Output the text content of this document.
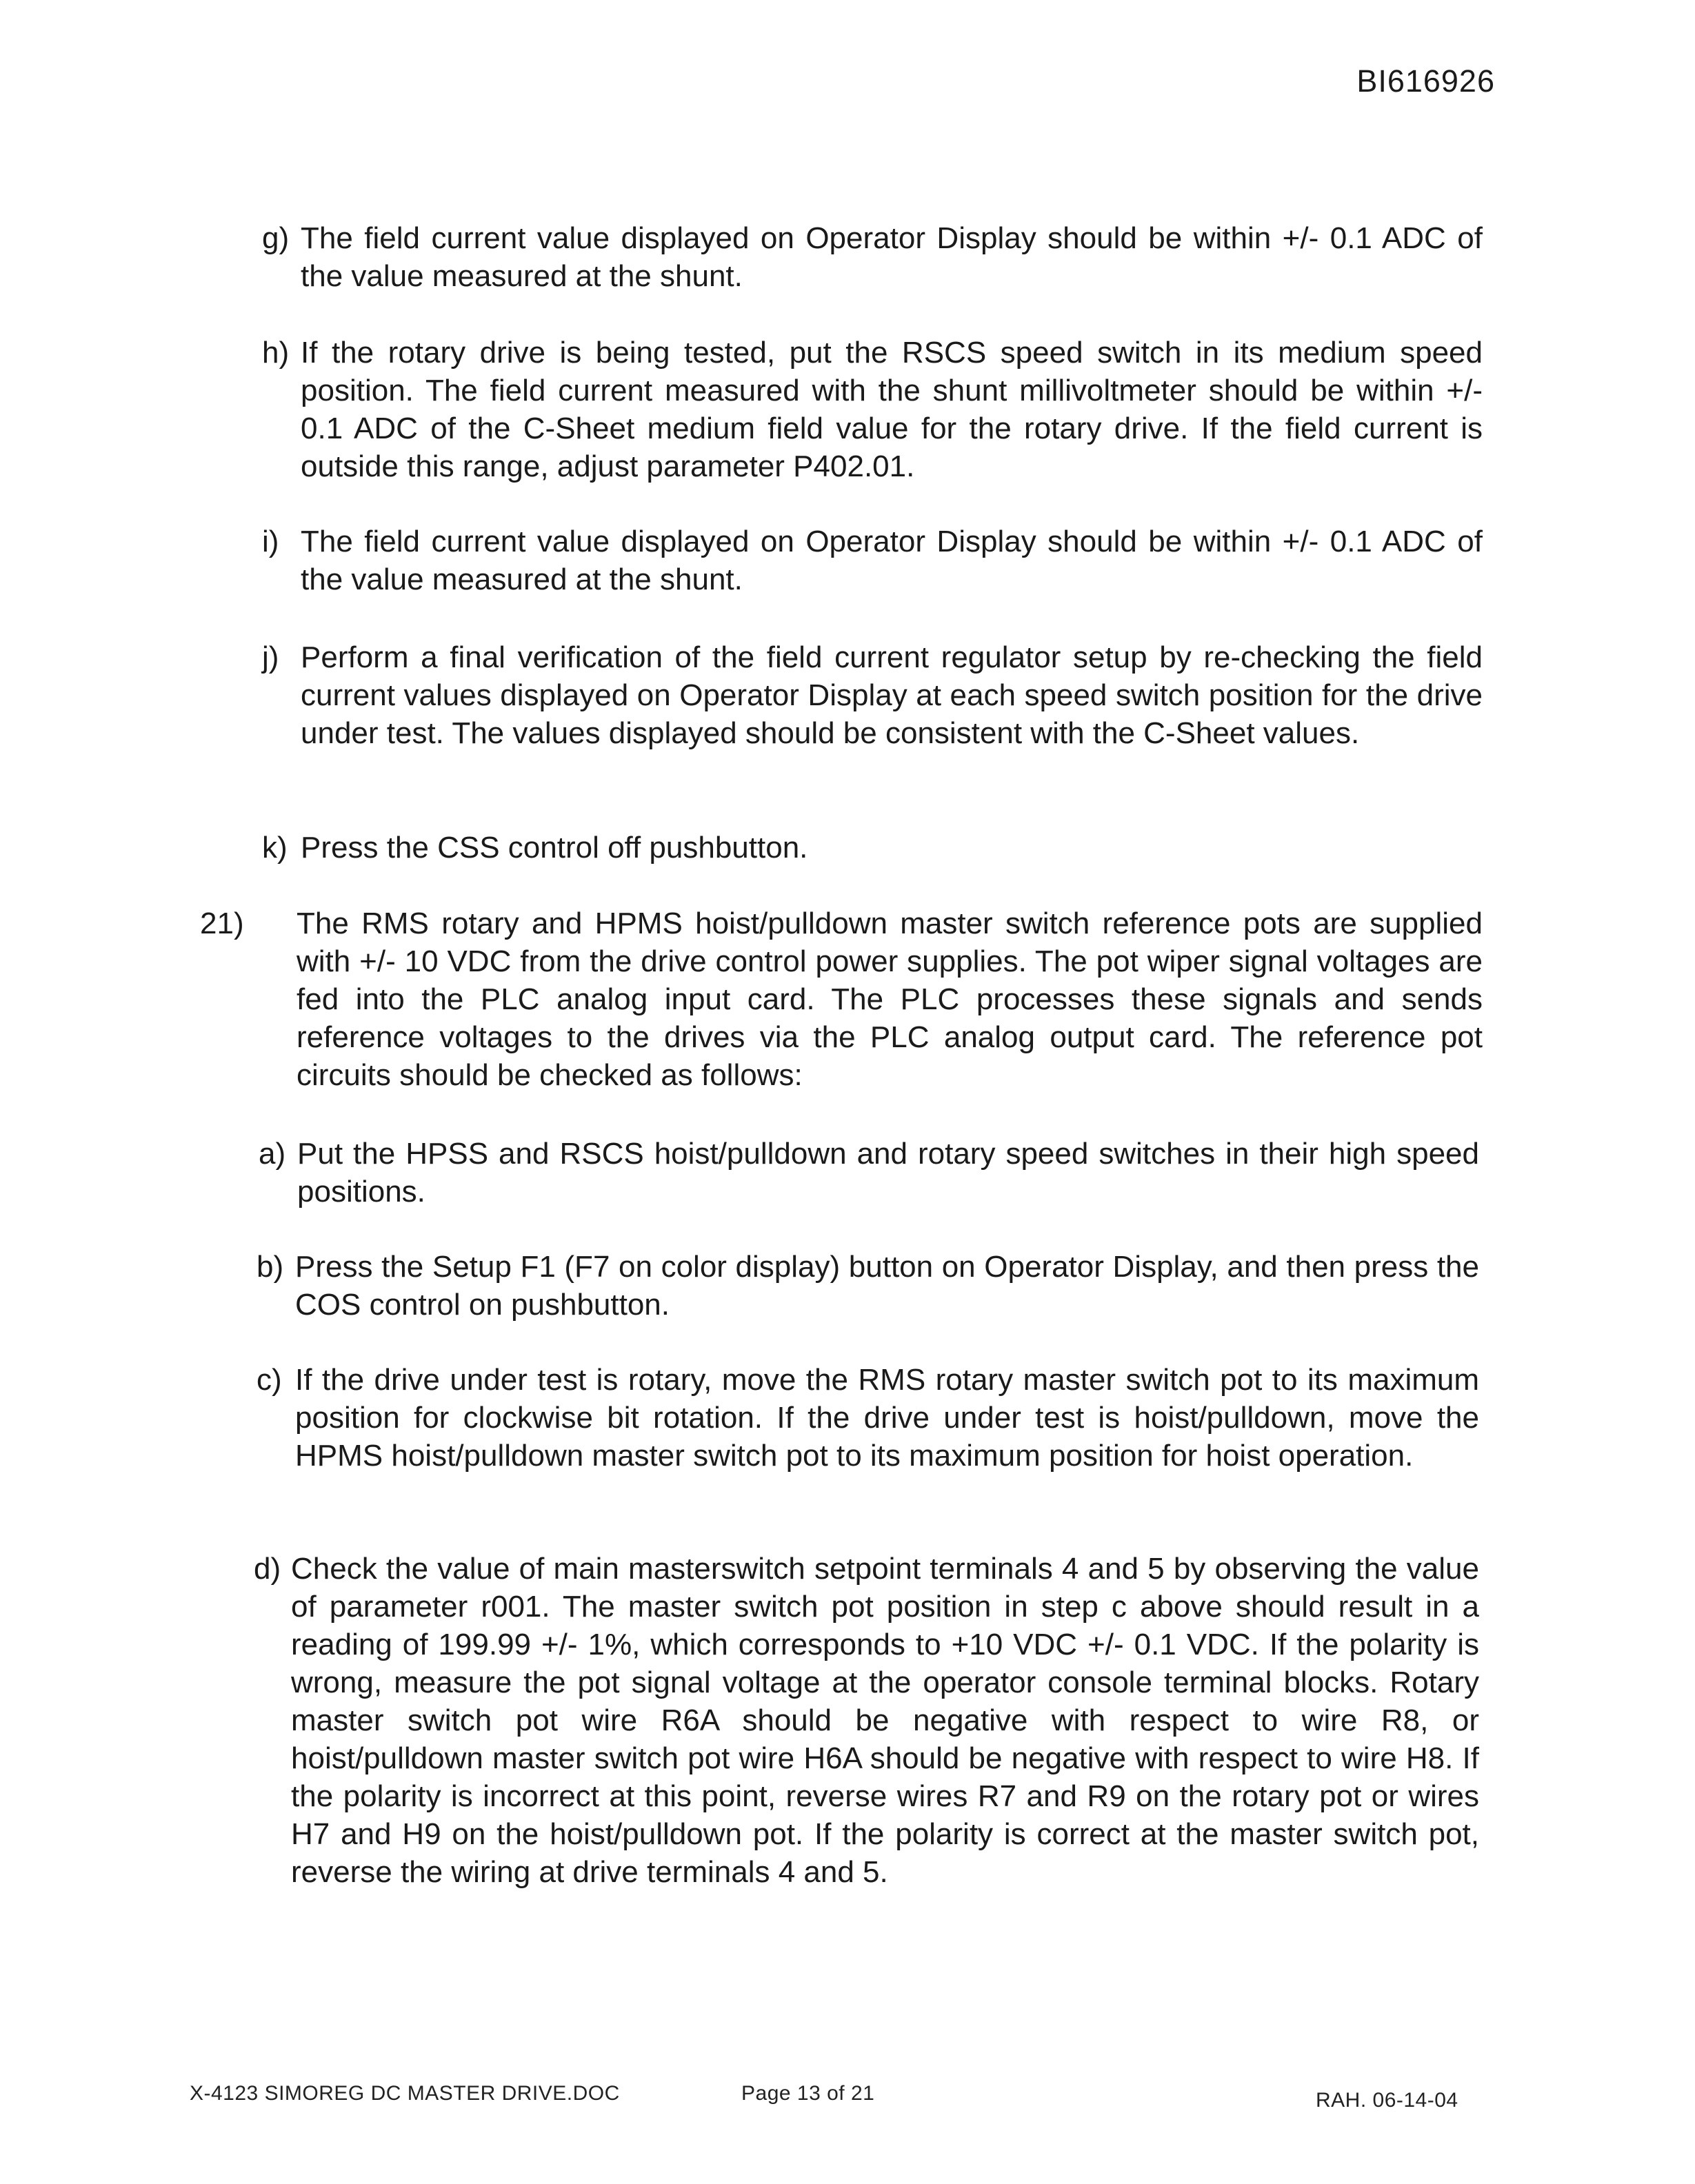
BI616926
g) The field current value displayed on Operator Display should be within +/- 0.1 ADC of the value measured at the shunt.
h) If the rotary drive is being tested, put the RSCS speed switch in its medium speed position. The field current measured with the shunt millivoltmeter should be within +/- 0.1 ADC of the C-Sheet medium field value for the rotary drive. If the field current is outside this range, adjust parameter P402.01.
i) The field current value displayed on Operator Display should be within +/- 0.1 ADC of the value measured at the shunt.
j) Perform a final verification of the field current regulator setup by re-checking the field current values displayed on Operator Display at each speed switch position for the drive under test. The values displayed should be consistent with the C-Sheet values.
k) Press the CSS control off pushbutton.
21) The RMS rotary and HPMS hoist/pulldown master switch reference pots are supplied with +/- 10 VDC from the drive control power supplies. The pot wiper signal voltages are fed into the PLC analog input card. The PLC processes these signals and sends reference voltages to the drives via the PLC analog output card. The reference pot circuits should be checked as follows:
a) Put the HPSS and RSCS hoist/pulldown and rotary speed switches in their high speed positions.
b) Press the Setup F1 (F7 on color display) button on Operator Display, and then press the COS control on pushbutton.
c) If the drive under test is rotary, move the RMS rotary master switch pot to its maximum position for clockwise bit rotation. If the drive under test is hoist/pulldown, move the HPMS hoist/pulldown master switch pot to its maximum position for hoist operation.
d) Check the value of main masterswitch setpoint terminals 4 and 5 by observing the value of parameter r001. The master switch pot position in step c above should result in a reading of 199.99 +/- 1%, which corresponds to +10 VDC +/- 0.1 VDC. If the polarity is wrong, measure the pot signal voltage at the operator console terminal blocks. Rotary master switch pot wire R6A should be negative with respect to wire R8, or hoist/pulldown master switch pot wire H6A should be negative with respect to wire H8. If the polarity is incorrect at this point, reverse wires R7 and R9 on the rotary pot or wires H7 and H9 on the hoist/pulldown pot. If the polarity is correct at the master switch pot, reverse the wiring at drive terminals 4 and 5.
X-4123 SIMOREG DC MASTER DRIVE.DOC	Page 13 of 21	RAH. 06-14-04
